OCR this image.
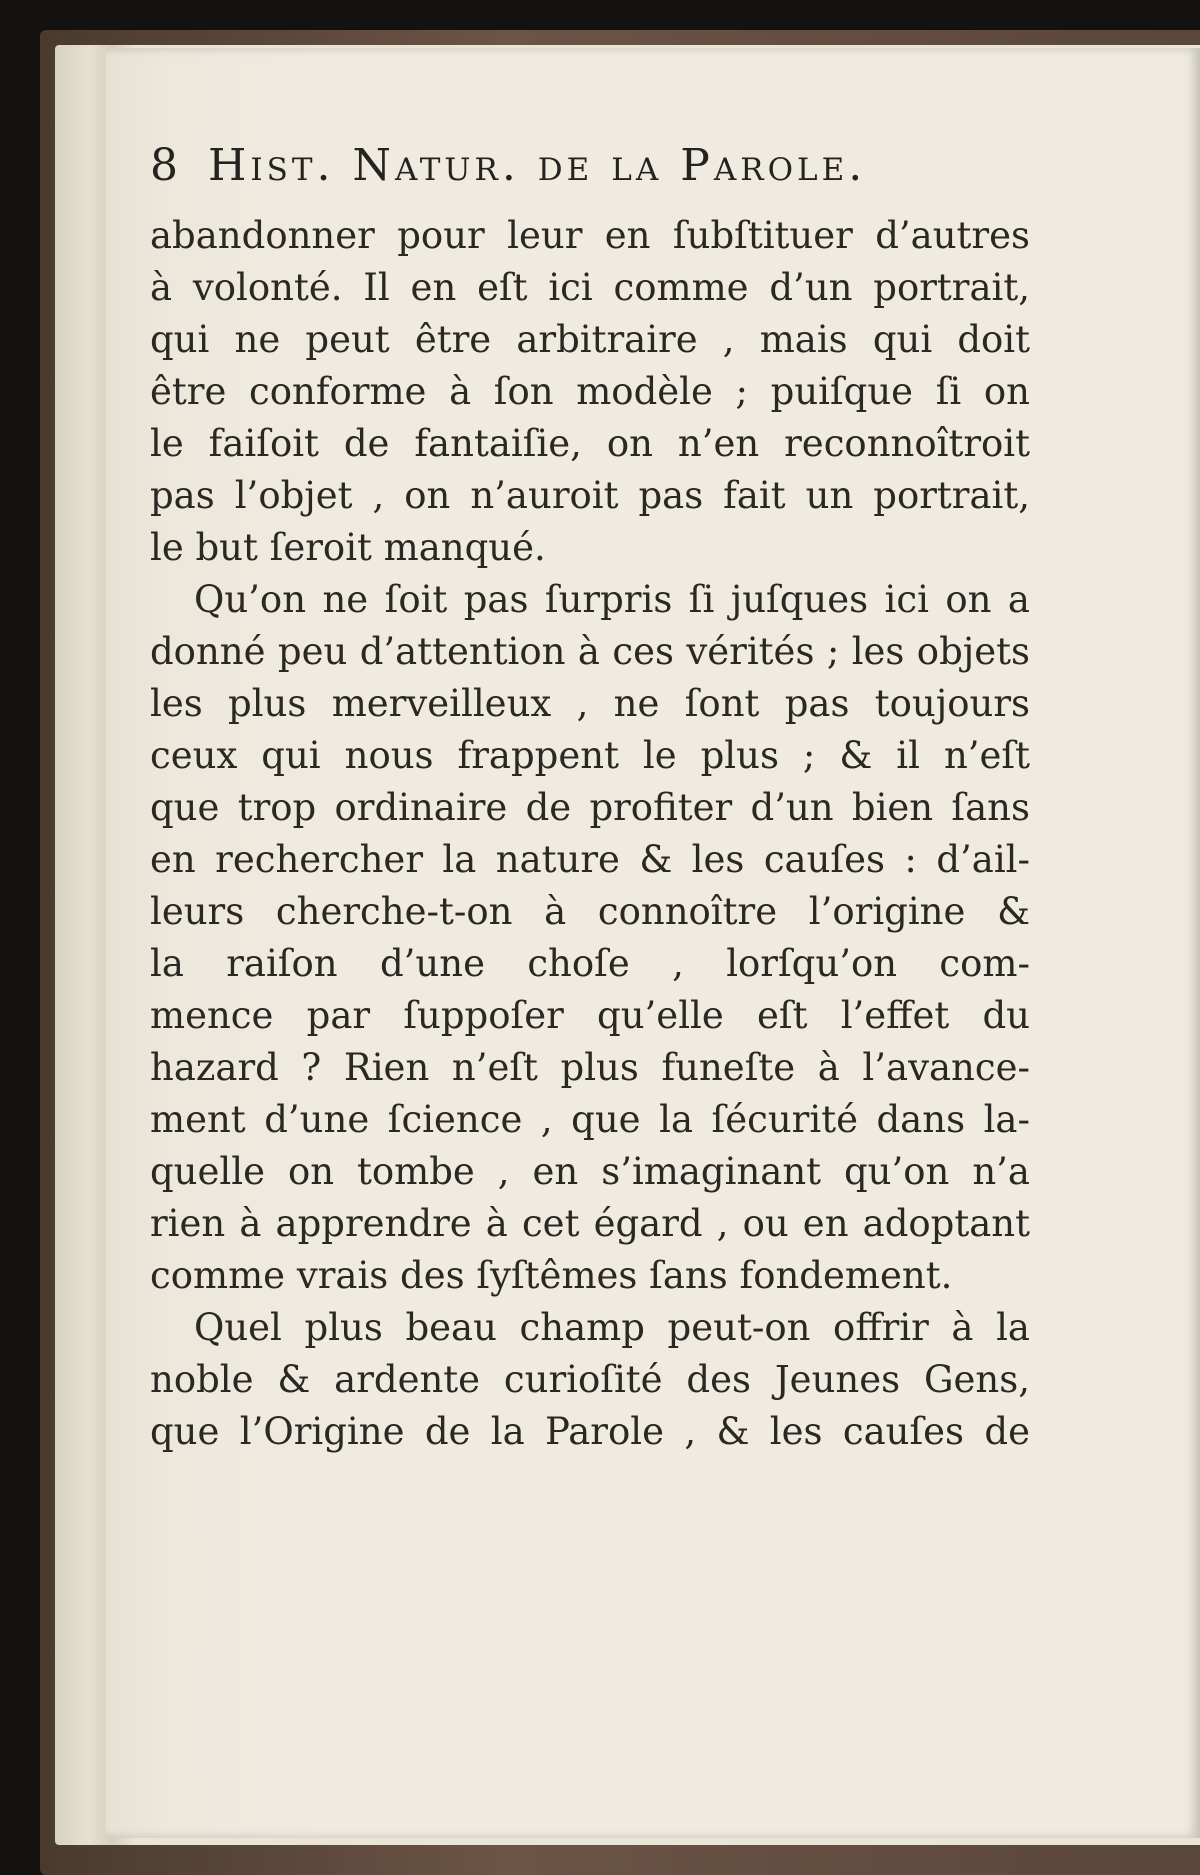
8 Hist. Natur. de la Parole.
abandonner pour leur en ſubſtituer d’autres
à volonté. Il en eſt ici comme d’un portrait,
qui ne peut être arbitraire , mais qui doit
être conforme à ſon modèle ; puiſque ſi on
le faiſoit de fantaiſie, on n’en reconnoîtroit
pas l’objet , on n’auroit pas fait un portrait,
le but ſeroit manqué.
Qu’on ne ſoit pas ſurpris ſi juſques ici on a
donné peu d’attention à ces vérités ; les objets
les plus merveilleux , ne ſont pas toujours
ceux qui nous frappent le plus ; & il n’eſt
que trop ordinaire de profiter d’un bien ſans
en rechercher la nature & les cauſes : d’ail-
leurs cherche-t-on à connoître l’origine &
la raiſon d’une choſe , lorſqu’on com-
mence par ſuppoſer qu’elle eſt l’effet du
hazard ? Rien n’eſt plus funeſte à l’avance-
ment d’une ſcience , que la ſécurité dans la-
quelle on tombe , en s’imaginant qu’on n’a
rien à apprendre à cet égard , ou en adoptant
comme vrais des ſyſtêmes ſans fondement.
Quel plus beau champ peut-on offrir à la
noble & ardente curioſité des Jeunes Gens,
que l’Origine de la Parole , & les cauſes de
